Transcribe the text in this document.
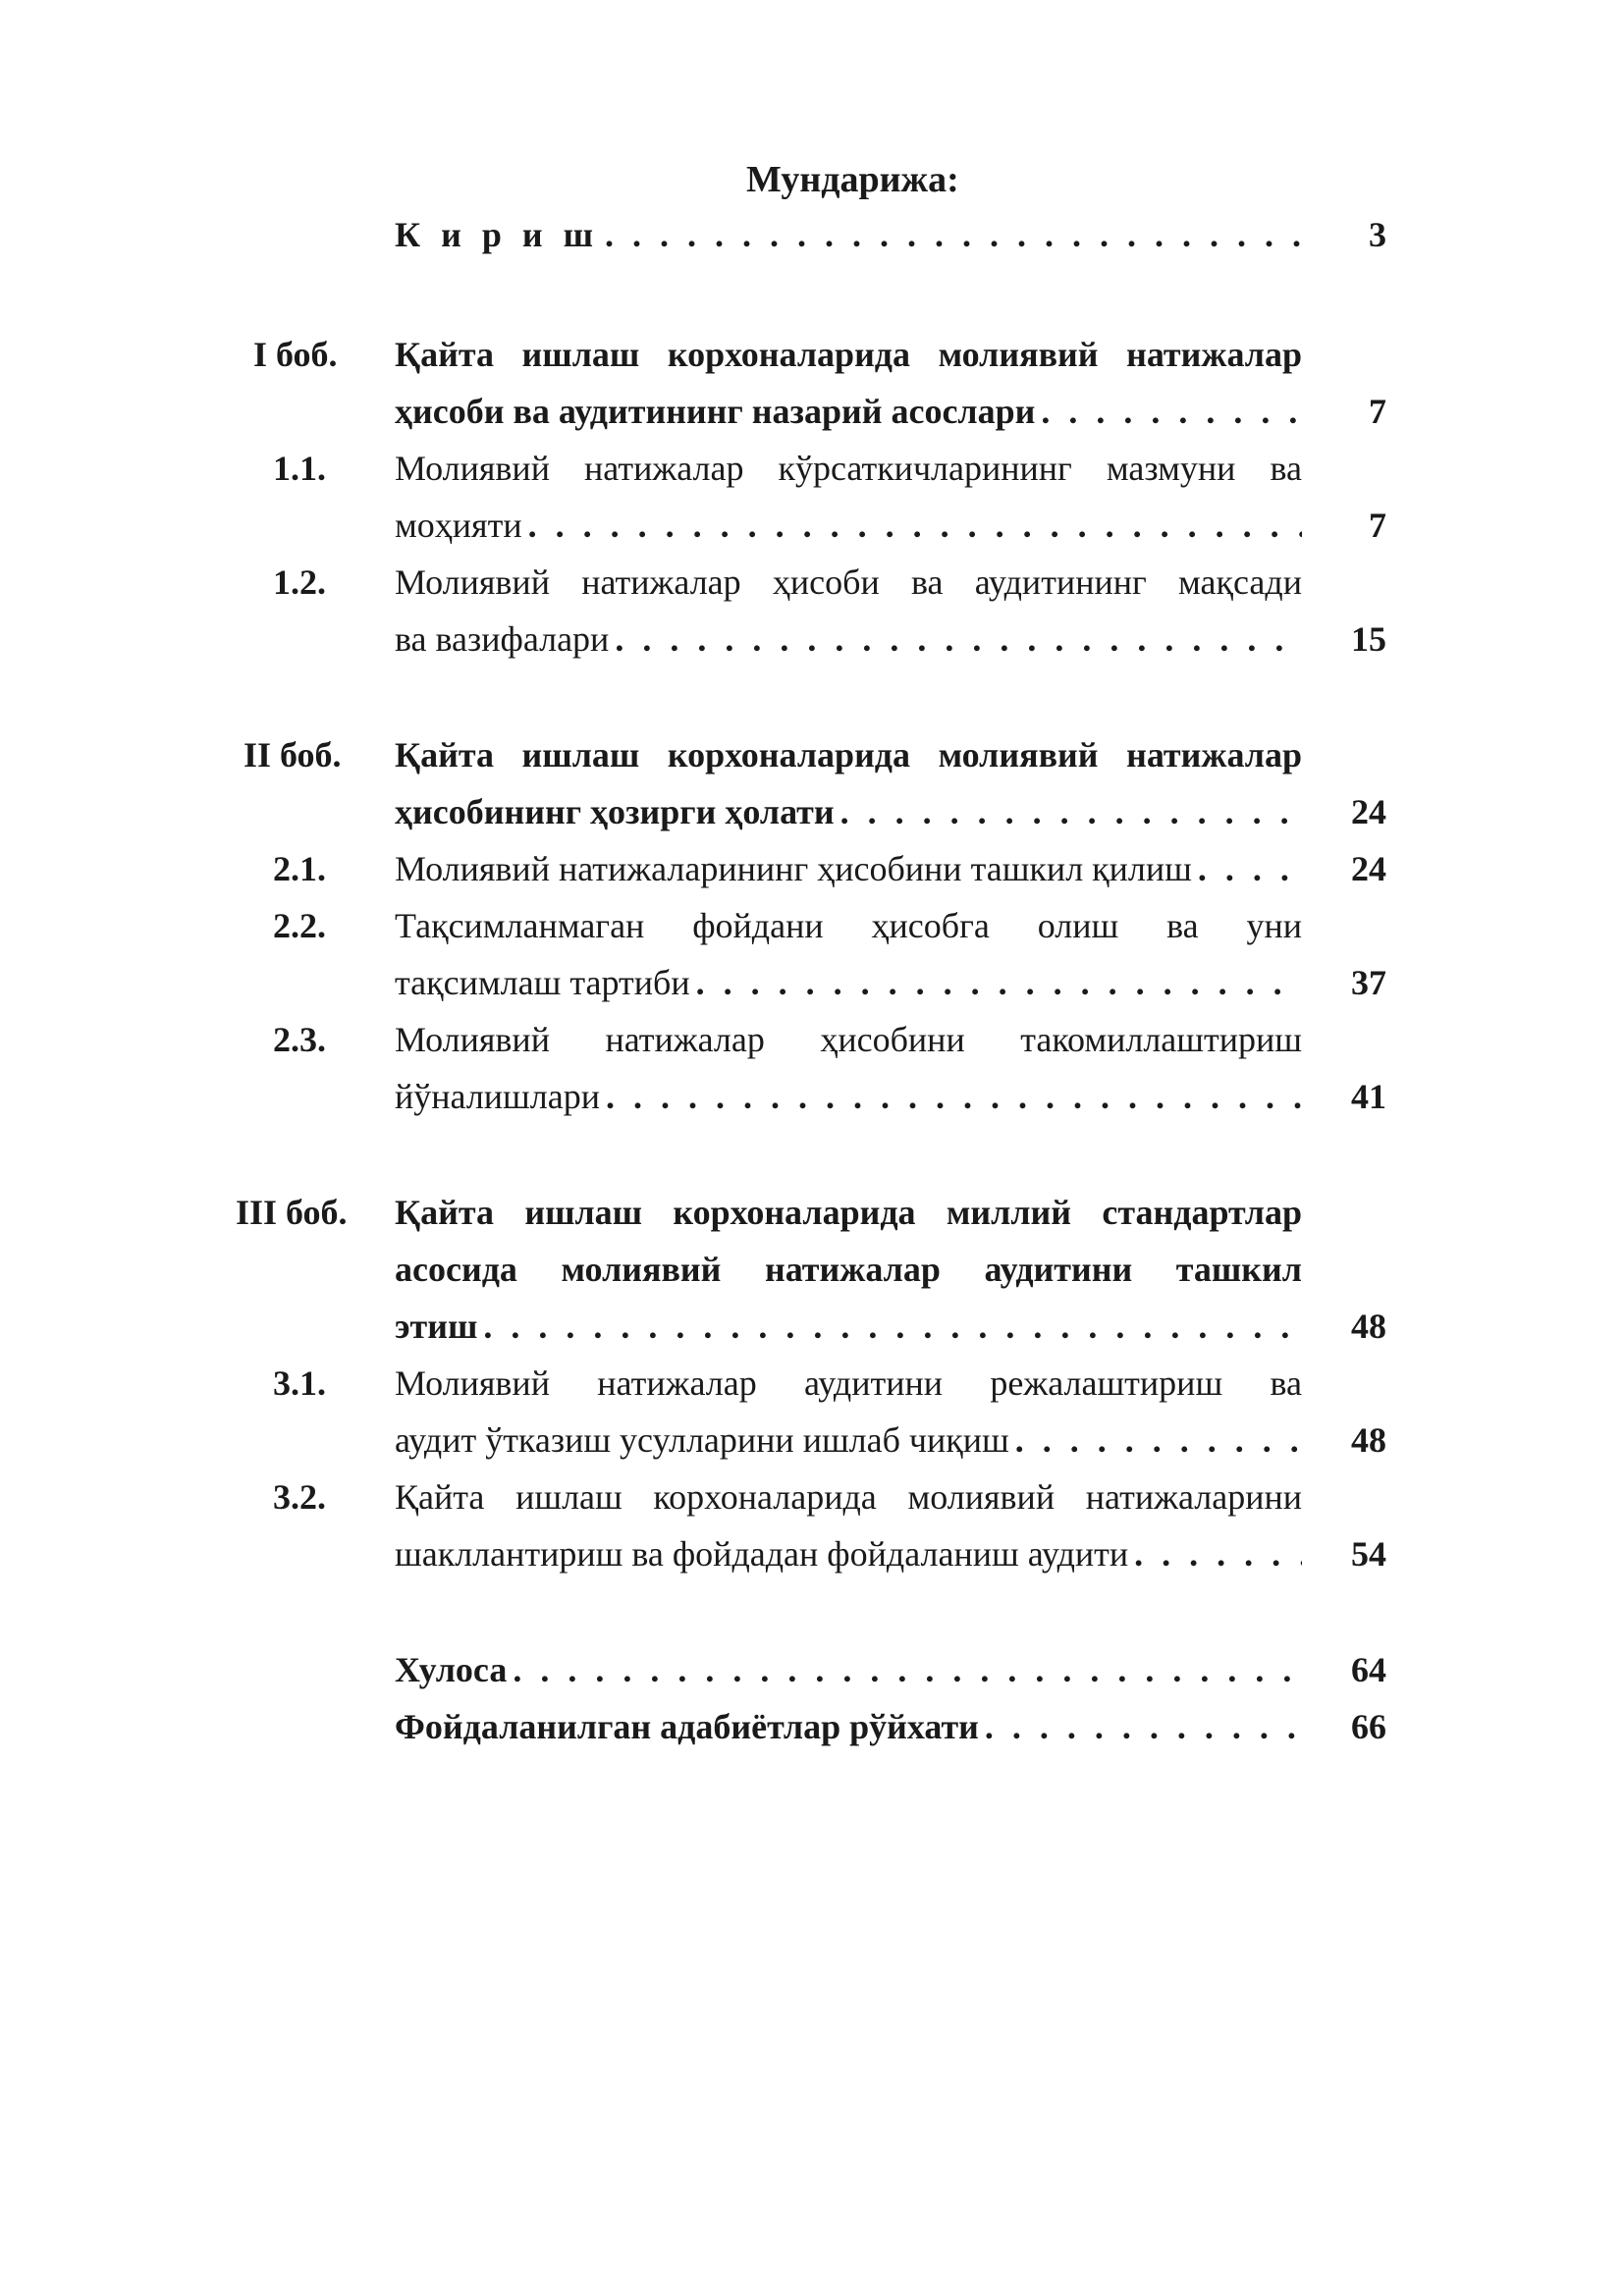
Мундарижа:
К и р и ш . . .	3
I боб.	Қайта ишлаш корхоналарида молиявий натижалар
ҳисоби ва аудитининг назарий асослари . . .	7
1.1.	Молиявий натижалар кўрсаткичларининг мазмуни ва
моҳияти . . .	7
1.2.	Молиявий натижалар ҳисоби ва аудитининг мақсади
ва вазифалари . . .	15
II боб.	Қайта ишлаш корхоналарида молиявий натижалар
ҳисобининг ҳозирги ҳолати . . .	24
2.1.	Молиявий натижаларининг ҳисобини ташкил қилиш . . .	24
2.2.	Тақсимланмаган фойдани ҳисобга олиш ва уни
тақсимлаш тартиби . . .	37
2.3.	Молиявий натижалар ҳисобини такомиллаштириш
йўналишлари . . .	41
III боб.	Қайта ишлаш корхоналарида миллий стандартлар
асосида молиявий натижалар аудитини ташкил
этиш . . .	48
3.1.	Молиявий натижалар аудитини режалаштириш ва
аудит ўтказиш усулларини ишлаб чиқиш . . .	48
3.2.	Қайта ишлаш корхоналарида молиявий натижаларини
шакллантириш ва фойдадан фойдаланиш аудити . . .	54
Хулоса . . .	64
Фойдаланилган адабиётлар рўйхати . . .	66
